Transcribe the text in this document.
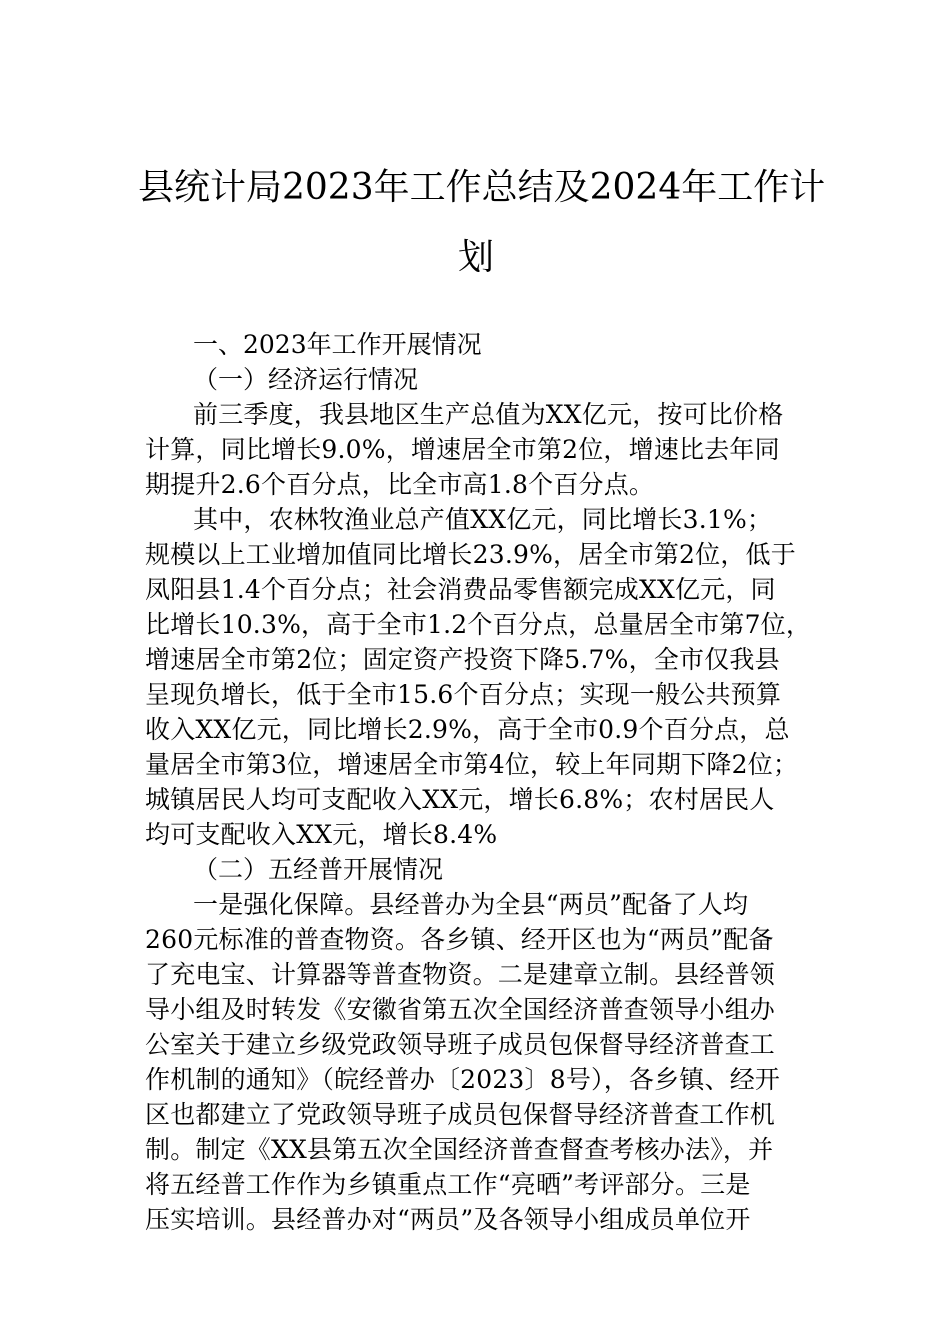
县统计局2023年工作总结及2024年工作计
划
一、2023年工作开展情况
（一）经济运行情况
前三季度，我县地区生产总值为XX亿元，按可比价格
计算，同比增长9.0%，增速居全市第2位，增速比去年同
期提升2.6个百分点，比全市高1.8个百分点。
其中，农林牧渔业总产值XX亿元，同比增长3.1%；
规模以上工业增加值同比增长23.9%，居全市第2位，低于
凤阳县1.4个百分点；社会消费品零售额完成XX亿元，同
比增长10.3%，高于全市1.2个百分点，总量居全市第7位，
增速居全市第2位；固定资产投资下降5.7%，全市仅我县
呈现负增长，低于全市15.6个百分点；实现一般公共预算
收入XX亿元，同比增长2.9%，高于全市0.9个百分点，总
量居全市第3位，增速居全市第4位，较上年同期下降2位；
城镇居民人均可支配收入XX元，增长6.8%；农村居民人
均可支配收入XX元，增长8.4%
（二）五经普开展情况
一是强化保障。县经普办为全县“两员”配备了人均
260元标准的普查物资。各乡镇、经开区也为“两员”配备
了充电宝、计算器等普查物资。二是建章立制。县经普领
导小组及时转发《安徽省第五次全国经济普查领导小组办
公室关于建立乡级党政领导班子成员包保督导经济普查工
作机制的通知》（皖经普办〔2023〕8号），各乡镇、经开
区也都建立了党政领导班子成员包保督导经济普查工作机
制。制定《XX县第五次全国经济普查督查考核办法》，并
将五经普工作作为乡镇重点工作“亮晒”考评部分。三是
压实培训。县经普办对“两员”及各领导小组成员单位开
